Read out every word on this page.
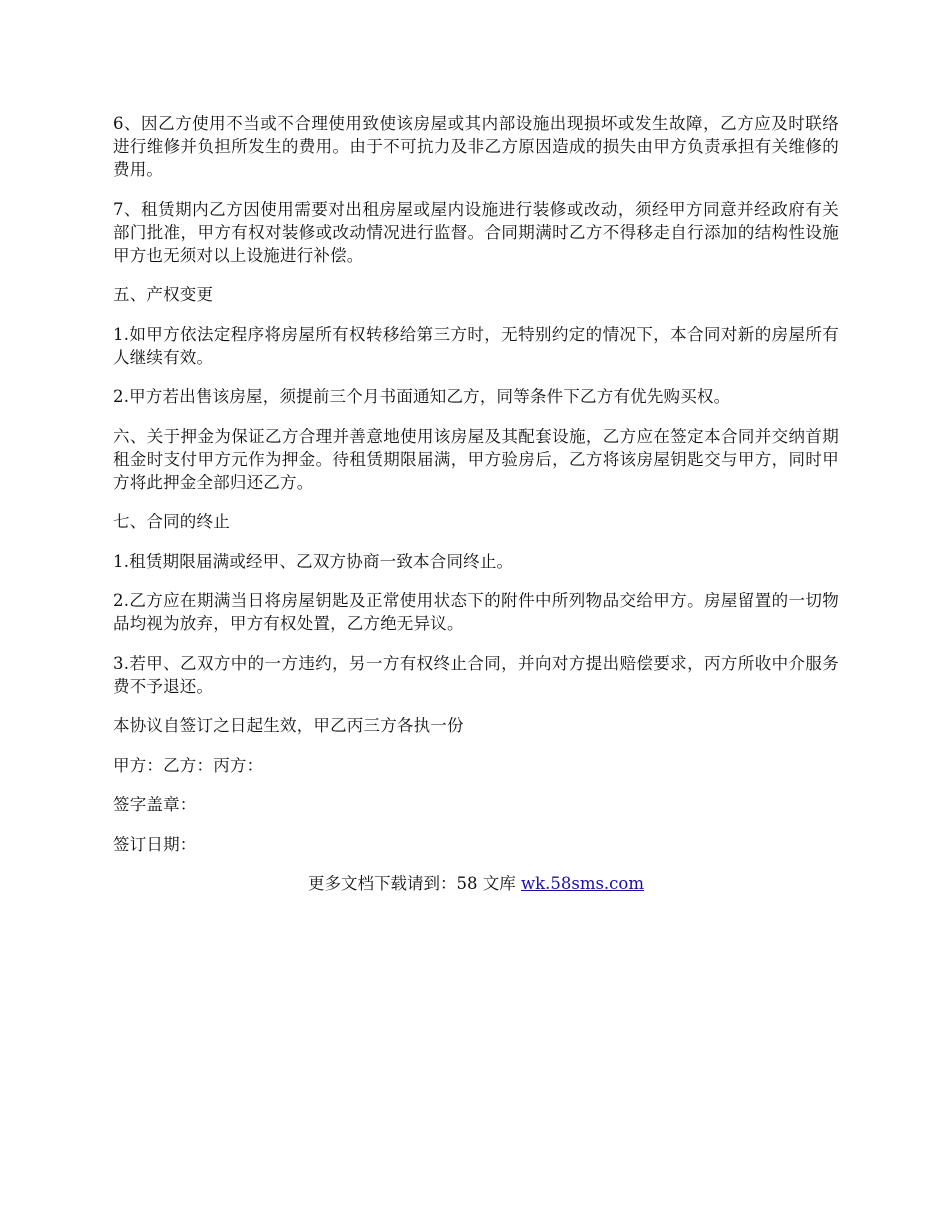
6、因乙方使用不当或不合理使用致使该房屋或其内部设施出现损坏或发生故障，乙方应及时联络进行维修并负担所发生的费用。由于不可抗力及非乙方原因造成的损失由甲方负责承担有关维修的费用。

7、租赁期内乙方因使用需要对出租房屋或屋内设施进行装修或改动，须经甲方同意并经政府有关部门批准，甲方有权对装修或改动情况进行监督。合同期满时乙方不得移走自行添加的结构性设施甲方也无须对以上设施进行补偿。

五、产权变更

1.如甲方依法定程序将房屋所有权转移给第三方时，无特别约定的情况下，本合同对新的房屋所有人继续有效。

2.甲方若出售该房屋，须提前三个月书面通知乙方，同等条件下乙方有优先购买权。

六、关于押金为保证乙方合理并善意地使用该房屋及其配套设施，乙方应在签定本合同并交纳首期租金时支付甲方元作为押金。待租赁期限届满，甲方验房后，乙方将该房屋钥匙交与甲方，同时甲方将此押金全部归还乙方。

七、合同的终止

1.租赁期限届满或经甲、乙双方协商一致本合同终止。

2.乙方应在期满当日将房屋钥匙及正常使用状态下的附件中所列物品交给甲方。房屋留置的一切物品均视为放弃，甲方有权处置，乙方绝无异议。

3.若甲、乙双方中的一方违约，另一方有权终止合同，并向对方提出赔偿要求，丙方所收中介服务费不予退还。

本协议自签订之日起生效，甲乙丙三方各执一份

甲方：乙方：丙方：

签字盖章：

签订日期：

更多文档下载请到：58 文库 wk.58sms.com
